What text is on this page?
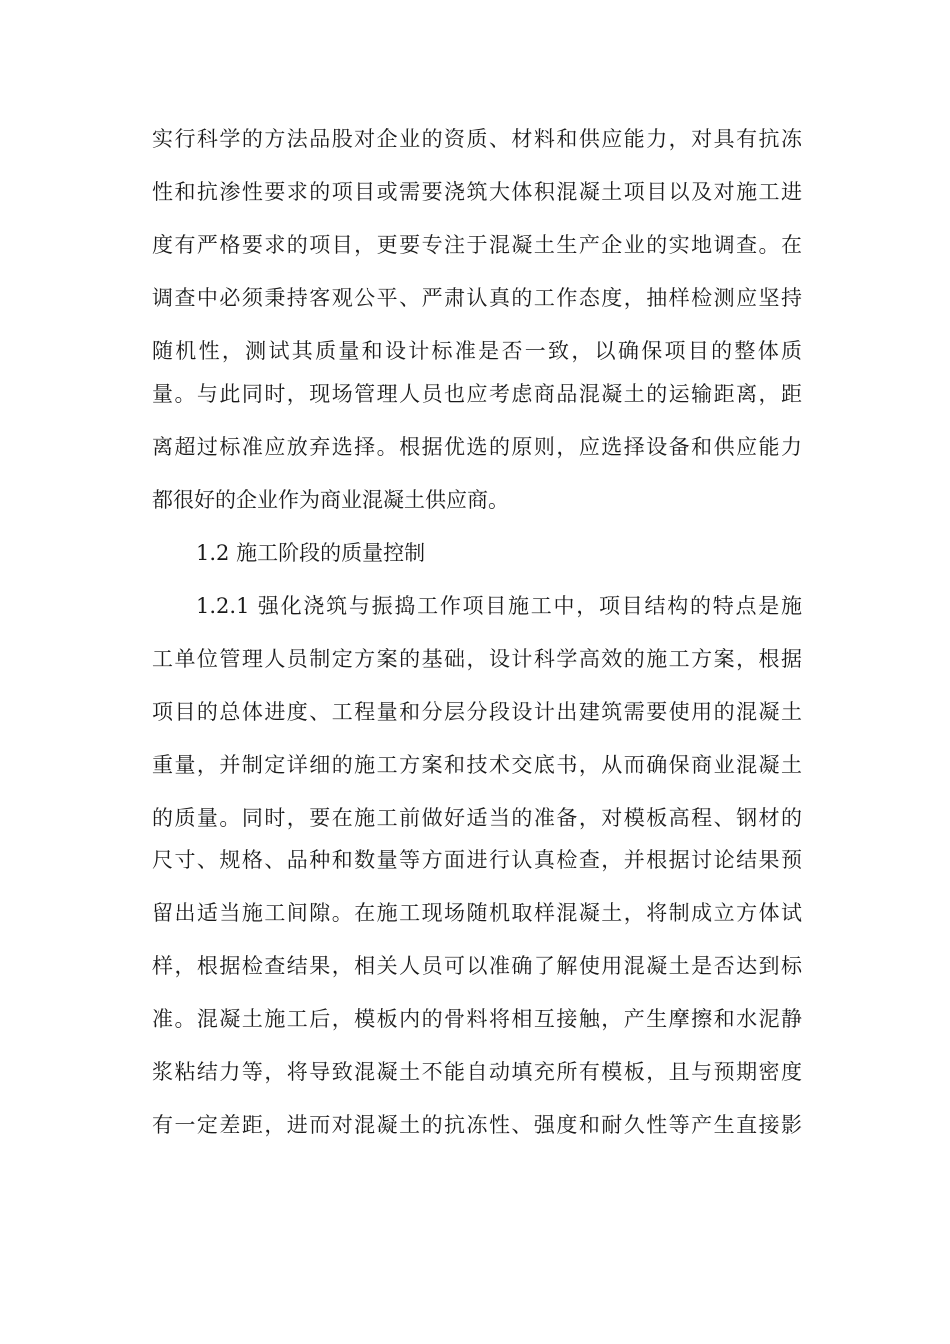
实行科学的方法品股对企业的资质、材料和供应能力，对具有抗冻
性和抗渗性要求的项目或需要浇筑大体积混凝土项目以及对施工进
度有严格要求的项目，更要专注于混凝土生产企业的实地调查。在
调查中必须秉持客观公平、严肃认真的工作态度，抽样检测应坚持
随机性，测试其质量和设计标准是否一致，以确保项目的整体质
量。与此同时，现场管理人员也应考虑商品混凝土的运输距离，距
离超过标准应放弃选择。根据优选的原则，应选择设备和供应能力
都很好的企业作为商业混凝土供应商。
1.2 施工阶段的质量控制
1.2.1 强化浇筑与振捣工作项目施工中，项目结构的特点是施
工单位管理人员制定方案的基础，设计科学高效的施工方案，根据
项目的总体进度、工程量和分层分段设计出建筑需要使用的混凝土
重量，并制定详细的施工方案和技术交底书，从而确保商业混凝土
的质量。同时，要在施工前做好适当的准备，对模板高程、钢材的
尺寸、规格、品种和数量等方面进行认真检查，并根据讨论结果预
留出适当施工间隙。在施工现场随机取样混凝土，将制成立方体试
样，根据检查结果，相关人员可以准确了解使用混凝土是否达到标
准。混凝土施工后，模板内的骨料将相互接触，产生摩擦和水泥静
浆粘结力等，将导致混凝土不能自动填充所有模板，且与预期密度
有一定差距，进而对混凝土的抗冻性、强度和耐久性等产生直接影
